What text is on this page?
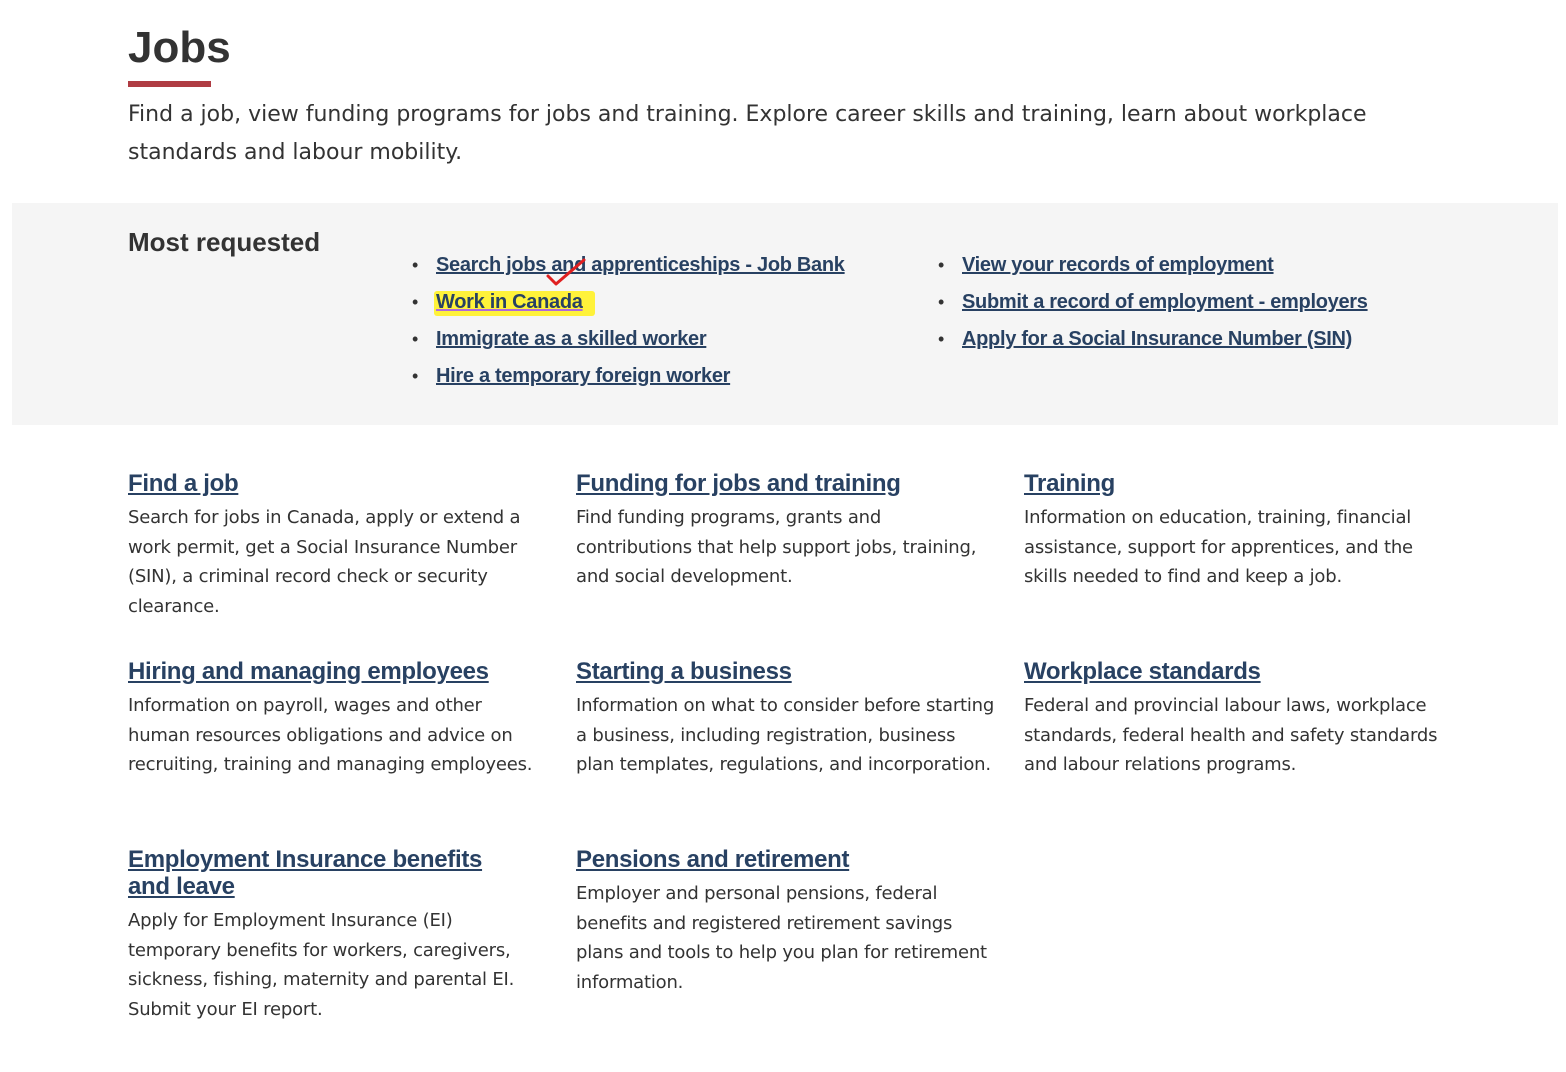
Jobs

Find a job, view funding programs for jobs and training. Explore career skills and training, learn about workplace standards and labour mobility.

Most requested
• Search jobs and apprenticeships - Job Bank
• Work in Canada
• Immigrate as a skilled worker
• Hire a temporary foreign worker
• View your records of employment
• Submit a record of employment - employers
• Apply for a Social Insurance Number (SIN)
Find a job

Search for jobs in Canada, apply or extend a work permit, get a Social Insurance Number (SIN), a criminal record check or security clearance.

Funding for jobs and training

Find funding programs, grants and contributions that help support jobs, training, and social development.

Training

Information on education, training, financial assistance, support for apprentices, and the skills needed to find and keep a job.

Hiring and managing employees

Information on payroll, wages and other human resources obligations and advice on recruiting, training and managing employees.

Starting a business

Information on what to consider before starting a business, including registration, business plan templates, regulations, and incorporation.

Workplace standards

Federal and provincial labour laws, workplace standards, federal health and safety standards and labour relations programs.

Employment Insurance benefits and leave

Apply for Employment Insurance (EI) temporary benefits for workers, caregivers, sickness, fishing, maternity and parental EI. Submit your EI report.

Pensions and retirement

Employer and personal pensions, federal benefits and registered retirement savings plans and tools to help you plan for retirement information.
